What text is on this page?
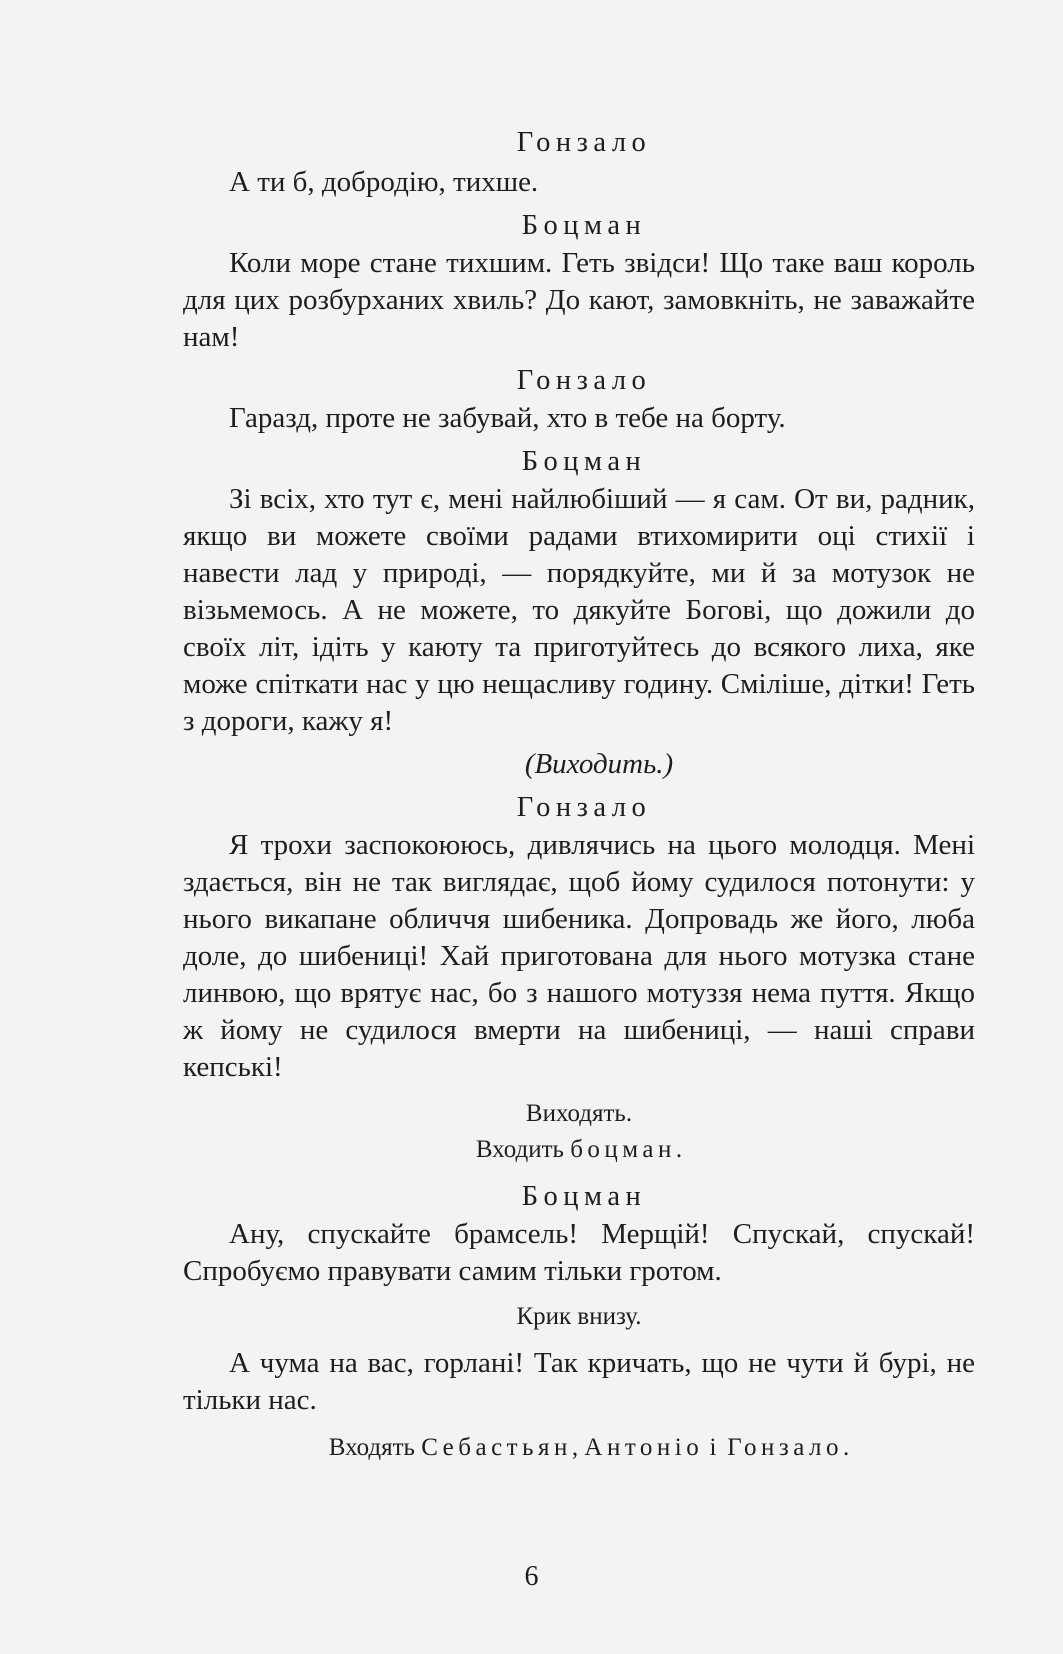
Гонзало

А ти б, добродію, тихше.

Боцман

Коли море стане тихшим. Геть звідси! Що таке ваш король для цих розбурханих хвиль? До кают, замовкніть, не заважайте нам!

Гонзало

Гаразд, проте не забувай, хто в тебе на борту.

Боцман

Зі всіх, хто тут є, мені найлюбіший — я сам. От ви, радник, якщо ви можете своїми радами втихомирити оці стихії і навести лад у природі, — порядкуйте, ми й за мотузок не візьмемось. А не можете, то дякуйте Богові, що дожили до своїх літ, ідіть у каюту та приготуйтесь до всякого лиха, яке може спіткати нас у цю нещасливу годину. Сміліше, дітки! Геть з дороги, кажу я!

(Виходить.)

Гонзало

Я трохи заспокоююсь, дивлячись на цього молодця. Мені здається, він не так виглядає, щоб йому судилося потонути: у нього викапане обличчя шибеника. Допровадь же його, люба доле, до шибениці! Хай приготована для нього мотузка стане линвою, що врятує нас, бо з нашого мотуззя нема пуття. Якщо ж йому не судилося вмерти на шибениці, — наші справи кепські!

Виходять.

Входить боцман.

Боцман

Ану, спускайте брамсель! Мерщій! Спускай, спускай! Спробуємо правувати самим тільки гротом.

Крик внизу.

А чума на вас, горлані! Так кричать, що не чути й бурі, не тільки нас.

Входять Себастьян, Антоніо і Гонзало.

6
